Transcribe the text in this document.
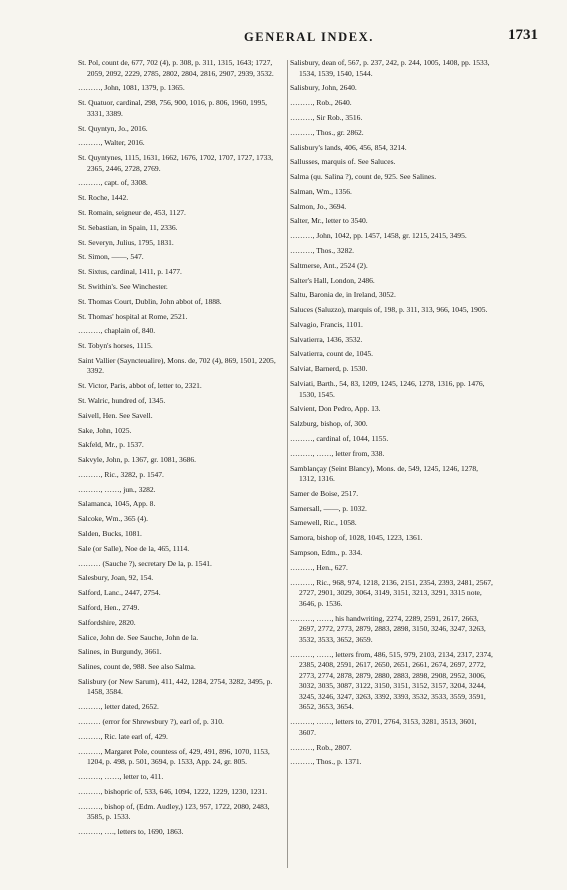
GENERAL INDEX.	1731
St. Pol, count de, 677, 702 (4), p. 308, p. 311, 1315, 1643; 1727, 2059, 2092, 2229, 2785, 2802, 2804, 2816, 2907, 2939, 3532.
………, John, 1081, 1379, p. 1365.
St. Quatuor, cardinal, 298, 756, 900, 1016, p. 806, 1960, 1995, 3331, 3389.
St. Quyntyn, Jo., 2016.
………, Walter, 2016.
St. Quyntynes, 1115, 1631, 1662, 1676, 1702, 1707, 1727, 1733, 2365, 2446, 2728, 2769.
………, capt. of, 3308.
St. Roche, 1442.
St. Romain, seigneur de, 453, 1127.
St. Sebastian, in Spain, 11, 2336.
St. Severyn, Julius, 1795, 1831.
St. Simon, ——, 547.
St. Sixtus, cardinal, 1411, p. 1477.
St. Swithin's. See Winchester.
St. Thomas Court, Dublin, John abbot of, 1888.
St. Thomas' hospital at Rome, 2521.
………, chaplain of, 840.
St. Tobyn's horses, 1115.
Saint Vallier (Sayncteualire), Mons. de, 702 (4), 869, 1501, 2205, 3392.
St. Victor, Paris, abbot of, letter to, 2321.
St. Walric, hundred of, 1345.
Saivell, Hen. See Savell.
Sake, John, 1025.
Sakfeld, Mr., p. 1537.
Sakvyle, John, p. 1367, gr. 1081, 3686.
………, Ric., 3282, p. 1547.
………, ……, jun., 3282.
Salamanca, 1045, App. 8.
Salcoke, Wm., 365 (4).
Salden, Bucks, 1081.
Sale (or Salle), Noe de la, 465, 1114.
……… (Sauche ?), secretary De la, p. 1541.
Salesbury, Joan, 92, 154.
Salford, Lanc., 2447, 2754.
Salford, Hen., 2749.
Salfordshire, 2820.
Salice, John de. See Sauche, John de la.
Salines, in Burgundy, 3661.
Salines, count de, 988. See also Salma.
Salisbury (or New Sarum), 411, 442, 1284, 2754, 3282, 3495, p. 1458, 3584.
………, letter dated, 2652.
……… (error for Shrewsbury ?), earl of, p. 310.
………, Ric. late earl of, 429.
………, Margaret Pole, countess of, 429, 491, 896, 1070, 1153, 1204, p. 498, p. 501, 3694, p. 1533, App. 24, gr. 805.
………, ……, letter to, 411.
………, bishopric of, 533, 646, 1094, 1222, 1229, 1230, 1231.
………, bishop of, (Edm. Audley,) 123, 957, 1722, 2080, 2483, 3585, p. 1533.
………, …., letters to, 1690, 1863.
Salisbury, dean of, 567, p. 237, 242, p. 244, 1005, 1408, pp. 1533, 1534, 1539, 1540, 1544.
Salisbury, John, 2640.
………, Rob., 2640.
………, Sir Rob., 3516.
………, Thos., gr. 2862.
Salisbury's lands, 406, 456, 854, 3214.
Sallusses, marquis of. See Saluces.
Salma (qu. Salina ?), count de, 925. See Salines.
Salman, Wm., 1356.
Salmon, Jo., 3694.
Salter, Mr., letter to 3540.
………, John, 1042, pp. 1457, 1458, gr. 1215, 2415, 3495.
………, Thos., 3282.
Saltmerse, Ant., 2524 (2).
Salter's Hall, London, 2486.
Saltu, Baronia de, in Ireland, 3052.
Saluces (Saluzzo), marquis of, 198, p. 311, 313, 966, 1045, 1905.
Salvagio, Francis, 1101.
Salvatierra, 1436, 3532.
Salvatierra, count de, 1045.
Salviat, Barnerd, p. 1530.
Salviati, Barth., 54, 83, 1209, 1245, 1246, 1278, 1316, pp. 1476, 1530, 1545.
Salvient, Don Pedro, App. 13.
Salzburg, bishop, of, 300.
………, cardinal of, 1044, 1155.
………, ……, letter from, 338.
Samblançay (Seint Blancy), Mons. de, 549, 1245, 1246, 1278, 1312, 1316.
Samer de Boise, 2517.
Samersall, ——, p. 1032.
Samewell, Ric., 1058.
Samora, bishop of, 1028, 1045, 1223, 1361.
Sampson, Edm., p. 334.
………, Hen., 627.
………, Ric., 968, 974, 1218, 2136, 2151, 2354, 2393, 2481, 2567, 2727, 2901, 3029, 3064, 3149, 3151, 3213, 3291, 3315 note, 3646, p. 1536.
………, ……, his handwriting, 2274, 2289, 2591, 2617, 2663, 2697, 2772, 2773, 2879, 2883, 2898, 3150, 3246, 3247, 3263, 3532, 3533, 3652, 3659.
………, ……, letters from, 486, 515, 979, 2103, 2134, 2317, 2374, 2385, 2408, 2591, 2617, 2650, 2651, 2661, 2674, 2697, 2772, 2773, 2774, 2878, 2879, 2880, 2883, 2898, 2908, 2952, 3006, 3032, 3035, 3087, 3122, 3150, 3151, 3152, 3157, 3204, 3244, 3245, 3246, 3247, 3263, 3392, 3393, 3532, 3533, 3559, 3591, 3652, 3653, 3654.
………, ……, letters to, 2701, 2764, 3153, 3281, 3513, 3601, 3607.
………, Rob., 2807.
………, Thos., p. 1371.
